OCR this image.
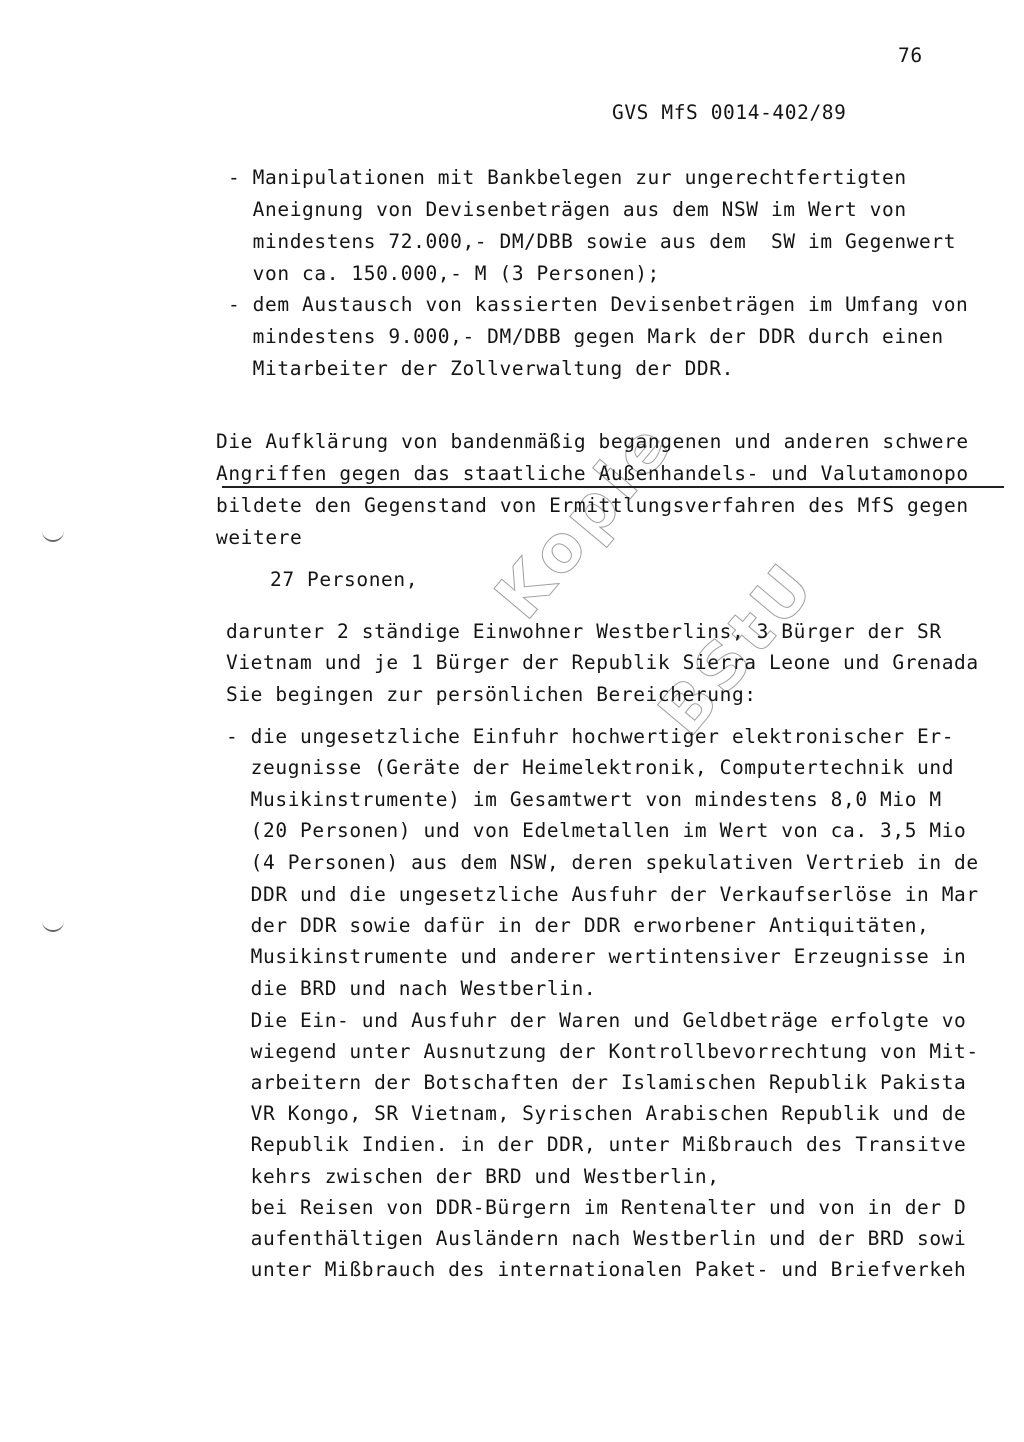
76
GVS MfS 0014-402/89
- Manipulationen mit Bankbelegen zur ungerechtfertigten
Aneignung von Devisenbeträgen aus dem NSW im Wert von
mindestens 72.000,- DM/DBB sowie aus dem  SW im Gegenwert
von ca. 150.000,- M (3 Personen);
- dem Austausch von kassierten Devisenbeträgen im Umfang von
mindestens 9.000,- DM/DBB gegen Mark der DDR durch einen
Mitarbeiter der Zollverwaltung der DDR.
Die Aufklärung von bandenmäßig begangenen und anderen schwere
Angriffen gegen das staatliche Außenhandels- und Valutamonopo
bildete den Gegenstand von Ermittlungsverfahren des MfS gegen
weitere
27 Personen,
darunter 2 ständige Einwohner Westberlins, 3 Bürger der SR
Vietnam und je 1 Bürger der Republik Sierra Leone und Grenada
Sie begingen zur persönlichen Bereicherung:
- die ungesetzliche Einfuhr hochwertiger elektronischer Er-
zeugnisse (Geräte der Heimelektronik, Computertechnik und
Musikinstrumente) im Gesamtwert von mindestens 8,0 Mio M
(20 Personen) und von Edelmetallen im Wert von ca. 3,5 Mio
(4 Personen) aus dem NSW, deren spekulativen Vertrieb in de
DDR und die ungesetzliche Ausfuhr der Verkaufserlöse in Mar
der DDR sowie dafür in der DDR erworbener Antiquitäten,
Musikinstrumente und anderer wertintensiver Erzeugnisse in
die BRD und nach Westberlin.
Die Ein- und Ausfuhr der Waren und Geldbeträge erfolgte vo
wiegend unter Ausnutzung der Kontrollbevorrechtung von Mit-
arbeitern der Botschaften der Islamischen Republik Pakista
VR Kongo, SR Vietnam, Syrischen Arabischen Republik und de
Republik Indien. in der DDR, unter Mißbrauch des Transitve
kehrs zwischen der BRD und Westberlin,
bei Reisen von DDR-Bürgern im Rentenalter und von in der D
aufenthältigen Ausländern nach Westberlin und der BRD sowi
unter Mißbrauch des internationalen Paket- und Briefverkeh
Kopie BStU
